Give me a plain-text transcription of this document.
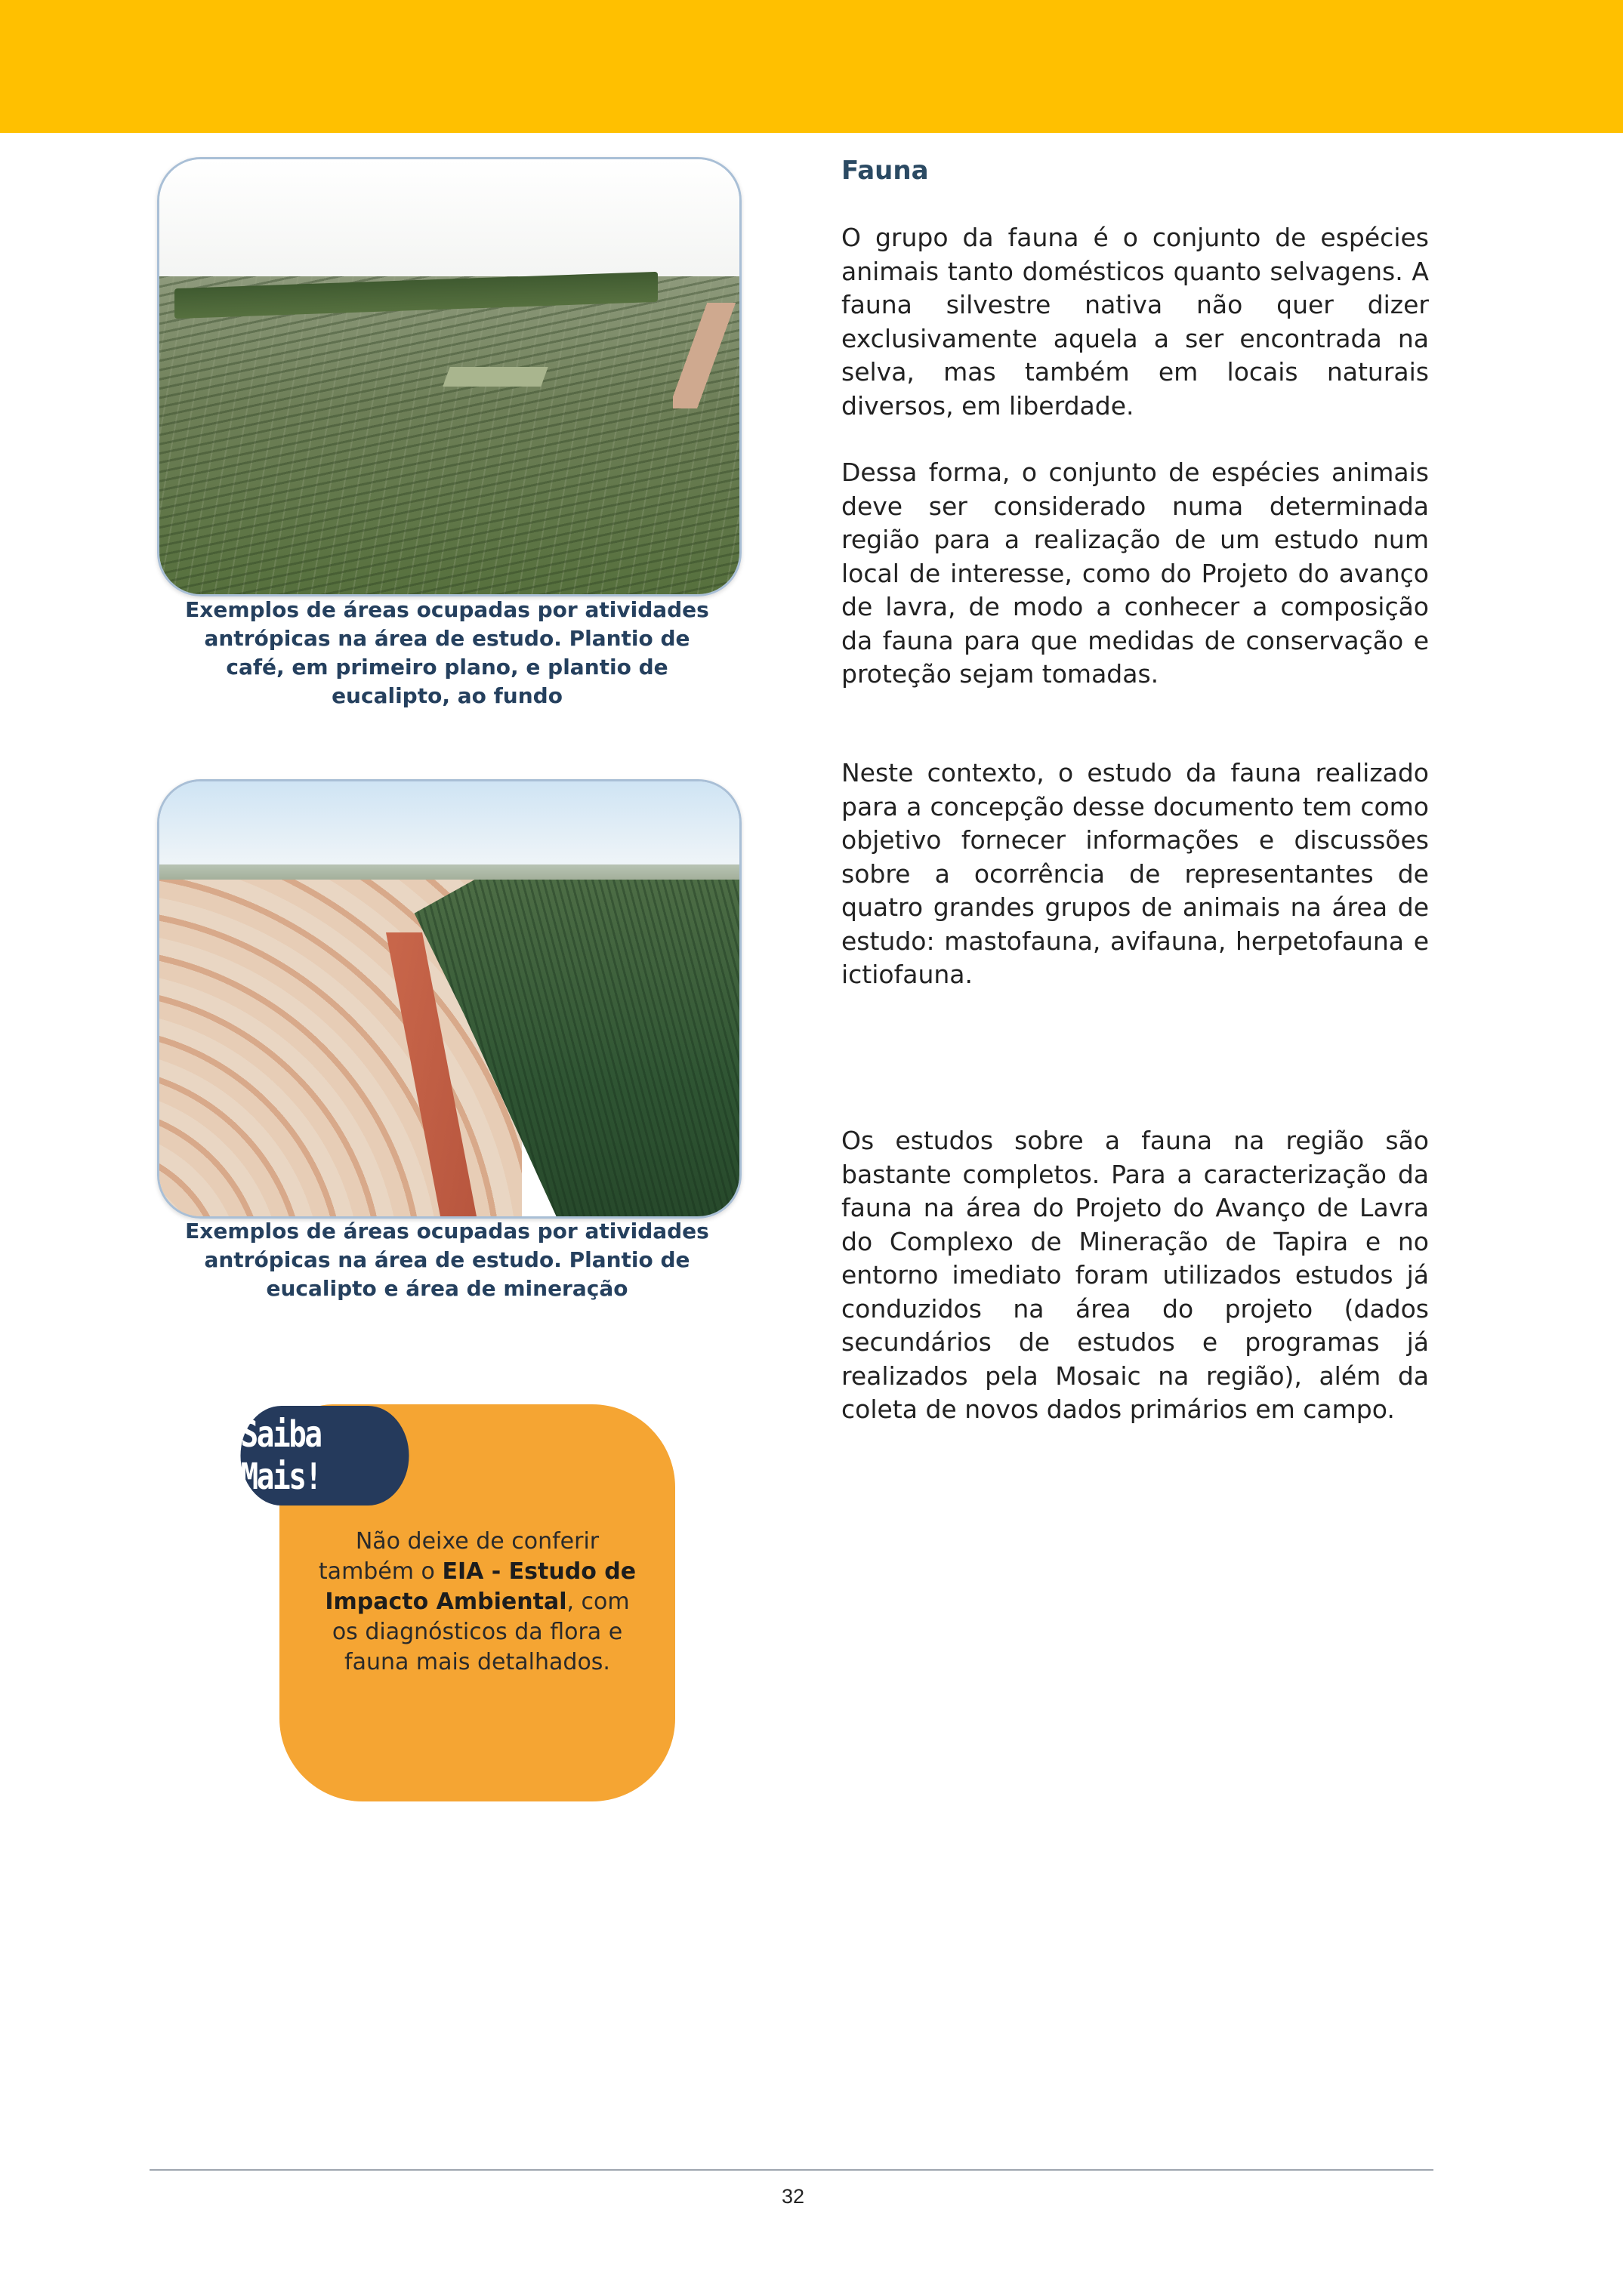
Exemplos de áreas ocupadas por atividades antrópicas na área de estudo. Plantio de café, em primeiro plano, e plantio de eucalipto, ao fundo
Exemplos de áreas ocupadas por atividades antrópicas na área de estudo. Plantio de eucalipto e área de mineração
Fauna
O grupo da fauna é o conjunto de espécies animais tanto domésticos quanto selvagens. A fauna silvestre nativa não quer dizer exclusivamente aquela a ser encontrada na selva, mas também em locais naturais diversos, em liberdade.
Dessa forma, o conjunto de espécies animais deve ser considerado numa determinada região para a realização de um estudo num local de interesse, como do Projeto do avanço de lavra, de modo a conhecer a composição da fauna para que medidas de conservação e proteção sejam tomadas.
Neste contexto, o estudo da fauna realizado para a concepção desse documento tem como objetivo fornecer informações e discussões sobre a ocorrência de representantes de quatro grandes grupos de animais na área de estudo: mastofauna, avifauna, herpetofauna e ictiofauna.
Os estudos sobre a fauna na região são bastante completos. Para a caracterização da fauna na área do Projeto do Avanço de Lavra do Complexo de Mineração de Tapira e no entorno imediato foram utilizados estudos já conduzidos na área do projeto (dados secundários de estudos e programas já realizados pela Mosaic na região), além da coleta de novos dados primários em campo.
Saiba Mais!
Não deixe de conferir também o EIA - Estudo de Impacto Ambiental, com os diagnósticos da flora e fauna mais detalhados.
32
